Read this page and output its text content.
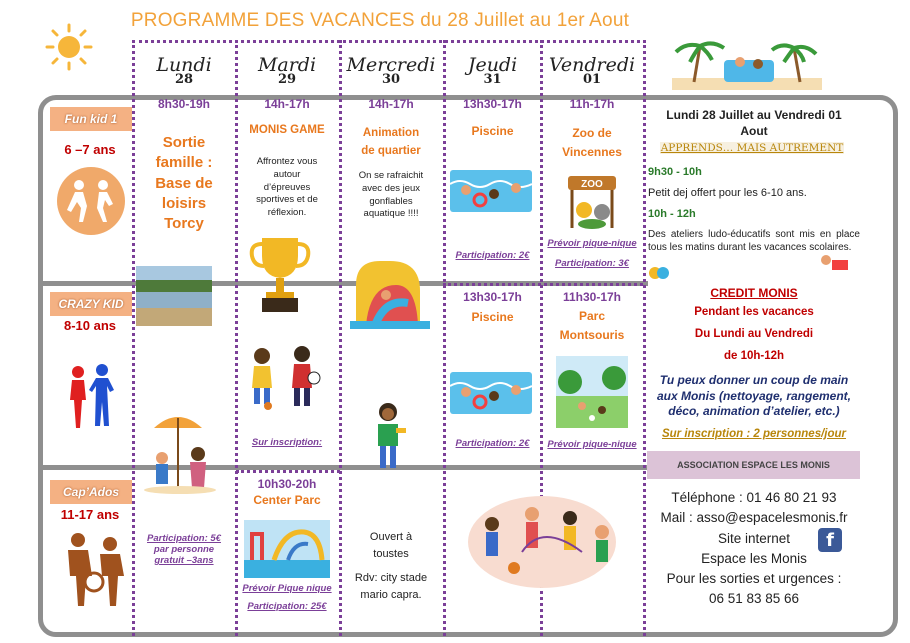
PROGRAMME DES VACANCES du 28 Juillet au 1er Aout
Lundi
28
Mardi
29
Mercredi
30
Jeudi
31
Vendredi
01
Fun kid 1
6 –7 ans
CRAZY KID
8-10 ans
Cap’Ados
11-17 ans
8h30-19h
Sortie
famille :
Base de
loisirs
Torcy
Participation: 5€
par personne
gratuit –3ans
14h-17h
MONIS GAME
Affrontez vous
autour
d’épreuves
sportives et de
réflexion.
Sur inscription:
10h30-20h
Center Parc
Prévoir Pique nique
Participation: 25€
14h-17h
Animation
de quartier
On se rafraichit
avec des jeux
gonflables
aquatique !!!!
Ouvert à
toustes
Rdv: city stade
mario capra.
13h30-17h
Piscine
Participation: 2€
13h30-17h
Piscine
Participation: 2€
11h-17h
Zoo de
Vincennes
ZOO
Prévoir pique-nique
Participation: 3€
11h30-17h
Parc
Montsouris
Prévoir pique-nique
Lundi 28 Juillet au Vendredi 01
Aout
APPRENDS… MAIS AUTREMENT
9h30 - 10h
Petit dej offert pour les 6-10 ans.
10h - 12h
Des ateliers ludo-éducatifs sont mis en place tous les matins durant les vacances scolaires.
CREDIT MONIS
Pendant les vacances
Du Lundi au Vendredi
de 10h-12h
Tu peux donner un coup de main aux Monis (nettoyage, rangement, déco, animation d’atelier, etc.)
Sur inscription : 2 personnes/jour
ASSOCIATION ESPACE LES MONIS
Téléphone : 01 46 80 21 93
Mail : asso@espacelesmonis.fr
Site internet
Espace les Monis
Pour les sorties et urgences :
06 51 83 85 66
f
